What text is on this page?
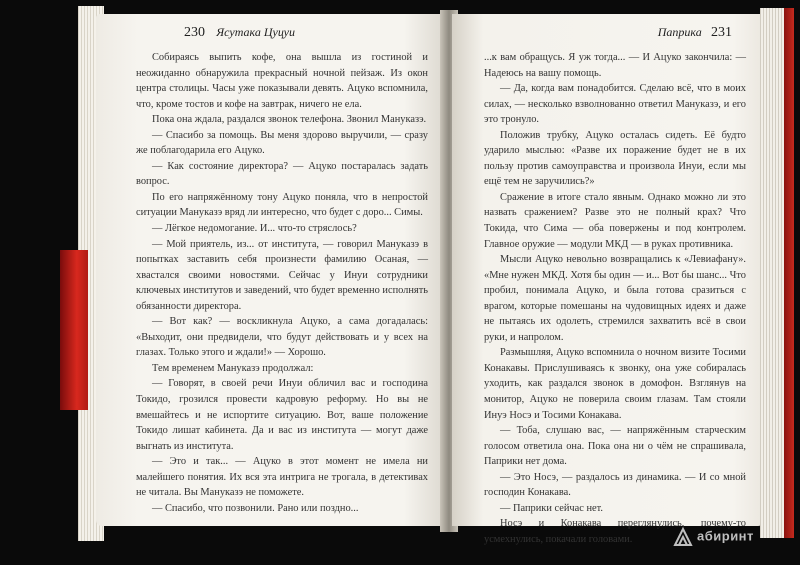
230 Ясутака Цуцуи

Собираясь выпить кофе, она вышла из гостиной и неожиданно обнаружила прекрасный ночной пейзаж. Из окон центра столицы. Часы уже показывали девять. Ацуко вспомнила, что, кроме тостов и кофе на завтрак, ничего не ела.

Пока она ждала, раздался звонок телефона. Звонил Мануказэ.

— Спасибо за помощь. Вы меня здорово выручили, — сразу же поблагодарила его Ацуко.

— Как состояние директора? — Ацуко постаралась задать вопрос.

По его напряжённому тону Ацуко поняла, что в непростой ситуации Мануказэ вряд ли интересно, что будет с доро... Симы.

— Лёгкое недомогание. И... что-то стряслось?

— Мой приятель, из... от института, — говорил Мануказэ в попытках заставить себя произнести фамилию Осаная, — хвастался своими новостями. Сейчас у Инуи сотрудники ключевых институтов и заведений, что будет временно исполнять обязанности директора.

— Вот как? — воскликнула Ацуко, а сама догадалась: «Выходит, они предвидели, что будут действовать и у всех на глазах. Только этого и ждали!» — Хорошо.

Тем временем Мануказэ продолжал:

— Говорят, в своей речи Инуи обличил вас и господина Токидо, грозился провести кадровую реформу. Но вы не вмешайтесь и не испортите ситуацию. Вот, ваше положение Токидо лишат кабинета. Да и вас из института — могут даже выгнать из института.

— Это и так... — Ацуко в этот момент не имела ни малейшего понятия. Их вся эта интрига не трогала, в детективах не читала. Вы Мануказэ не поможете.

— Спасибо, что позвонили. Рано или поздно...

Паприка 231

...к вам обращусь. Я уж тогда... — И Ацуко закончила: — Надеюсь на вашу помощь.

— Да, когда вам понадобится. Сделаю всё, что в моих силах, — несколько взволнованно ответил Мануказэ, и его это тронуло.

Положив трубку, Ацуко осталась сидеть. Её будто ударило мыслью: «Разве их поражение будет не в их пользу против самоуправства и произвола Инуи, если мы ещё тем не заручились?»

Сражение в итоге стало явным. Однако можно ли это назвать сражением? Разве это не полный крах? Что Токида, что Сима — оба повержены и под контролем. Главное оружие — модули МКД — в руках противника.

Мысли Ацуко невольно возвращались к «Левиафану». «Мне нужен МКД. Хотя бы один — и... Вот бы шанс... Что пробил, понимала Ацуко, и была готова сразиться с врагом, которые помешаны на чудовищных идеях и даже не пытаясь их одолеть, стремился захватить всё в свои руки, и напролом.

Размышляя, Ацуко вспомнила о ночном визите Тосими Конакавы. Прислушиваясь к звонку, она уже собиралась уходить, как раздался звонок в домофон. Взглянув на монитор, Ацуко не поверила своим глазам. Там стояли Инуэ Носэ и Тосими Конакава.

— Тоба, слушаю вас, — напряжённым старческим голосом ответила она. Пока она ни о чём не спрашивала, Паприки нет дома.

— Это Носэ, — раздалось из динамика. — И со мной господин Конакава.

— Паприки сейчас нет.

Носэ и Конакава переглянулись, почему-то усмехнулись, покачали головами.	абиринт
